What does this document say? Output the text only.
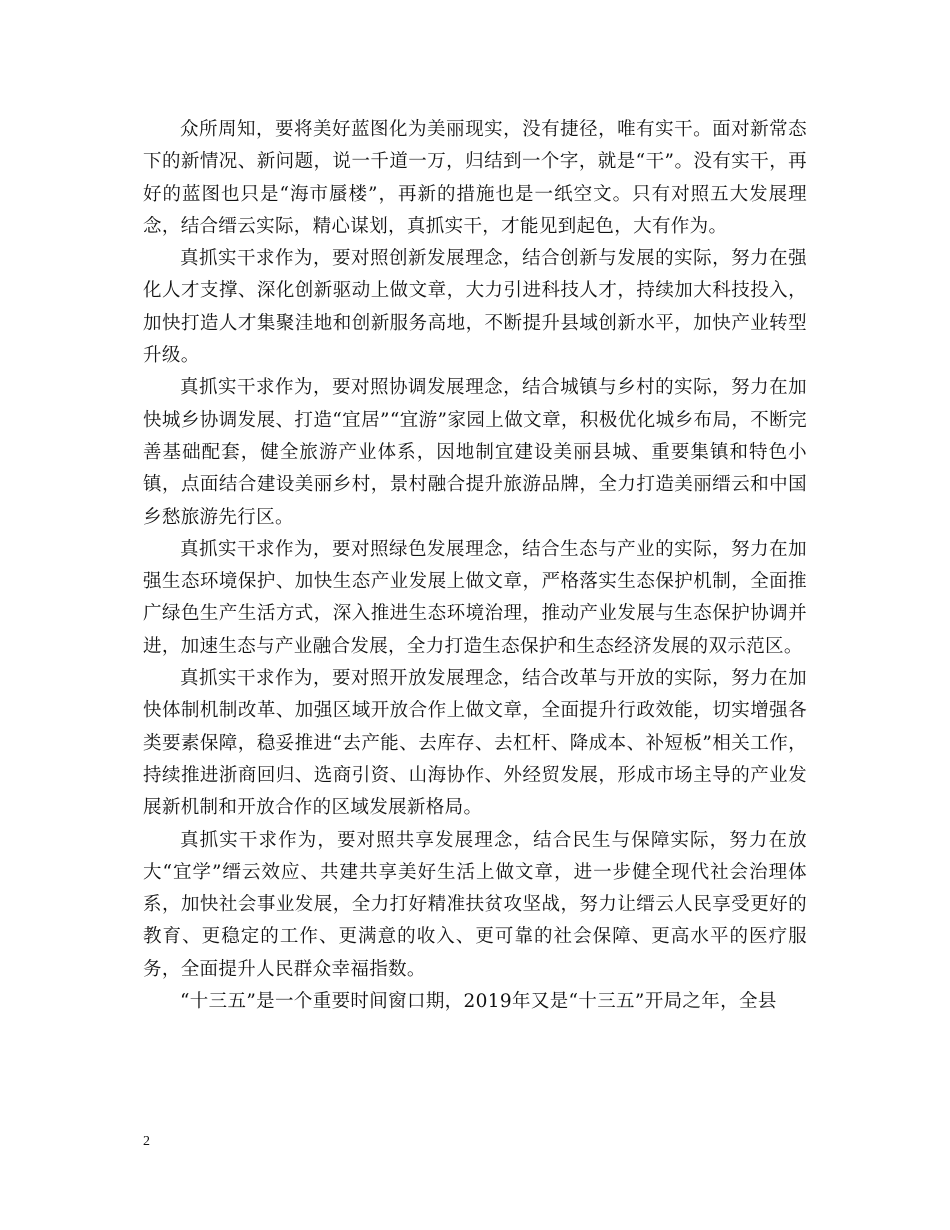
众所周知，要将美好蓝图化为美丽现实，没有捷径，唯有实干。面对新常态下的新情况、新问题，说一千道一万，归结到一个字，就是“干”。没有实干，再好的蓝图也只是“海市蜃楼”，再新的措施也是一纸空文。只有对照五大发展理念，结合缙云实际，精心谋划，真抓实干，才能见到起色，大有作为。

真抓实干求作为，要对照创新发展理念，结合创新与发展的实际，努力在强化人才支撑、深化创新驱动上做文章，大力引进科技人才，持续加大科技投入，加快打造人才集聚洼地和创新服务高地，不断提升县域创新水平，加快产业转型升级。

真抓实干求作为，要对照协调发展理念，结合城镇与乡村的实际，努力在加快城乡协调发展、打造“宜居”“宜游”家园上做文章，积极优化城乡布局，不断完善基础配套，健全旅游产业体系，因地制宜建设美丽县城、重要集镇和特色小镇，点面结合建设美丽乡村，景村融合提升旅游品牌，全力打造美丽缙云和中国乡愁旅游先行区。

真抓实干求作为，要对照绿色发展理念，结合生态与产业的实际，努力在加强生态环境保护、加快生态产业发展上做文章，严格落实生态保护机制，全面推广绿色生产生活方式，深入推进生态环境治理，推动产业发展与生态保护协调并进，加速生态与产业融合发展，全力打造生态保护和生态经济发展的双示范区。

真抓实干求作为，要对照开放发展理念，结合改革与开放的实际，努力在加快体制机制改革、加强区域开放合作上做文章，全面提升行政效能，切实增强各类要素保障，稳妥推进“去产能、去库存、去杠杆、降成本、补短板”相关工作，持续推进浙商回归、选商引资、山海协作、外经贸发展，形成市场主导的产业发展新机制和开放合作的区域发展新格局。

真抓实干求作为，要对照共享发展理念，结合民生与保障实际，努力在放大“宜学”缙云效应、共建共享美好生活上做文章，进一步健全现代社会治理体系，加快社会事业发展，全力打好精准扶贫攻坚战，努力让缙云人民享受更好的教育、更稳定的工作、更满意的收入、更可靠的社会保障、更高水平的医疗服务，全面提升人民群众幸福指数。

“十三五”是一个重要时间窗口期，2019年又是“十三五”开局之年，全县

2
